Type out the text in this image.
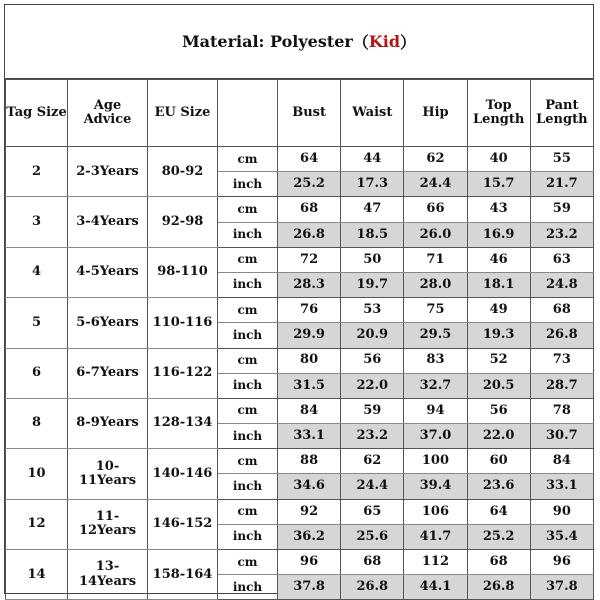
Material: Polyester （ Kid ）
Tag Size	Age Advice	EU Size		Bust	Waist	Hip	Top Length	Pant Length
2	2-3Years	80-92	cm	64	44	62	40	55
			inch	25.2	17.3	24.4	15.7	21.7
3	3-4Years	92-98	cm	68	47	66	43	59
			inch	26.8	18.5	26.0	16.9	23.2
4	4-5Years	98-110	cm	72	50	71	46	63
			inch	28.3	19.7	28.0	18.1	24.8
5	5-6Years	110-116	cm	76	53	75	49	68
			inch	29.9	20.9	29.5	19.3	26.8
6	6-7Years	116-122	cm	80	56	83	52	73
			inch	31.5	22.0	32.7	20.5	28.7
8	8-9Years	128-134	cm	84	59	94	56	78
			inch	33.1	23.2	37.0	22.0	30.7
10	10-11Years	140-146	cm	88	62	100	60	84
			inch	34.6	24.4	39.4	23.6	33.1
12	11-12Years	146-152	cm	92	65	106	64	90
			inch	36.2	25.6	41.7	25.2	35.4
14	13-14Years	158-164	cm	96	68	112	68	96
			inch	37.8	26.8	44.1	26.8	37.8
